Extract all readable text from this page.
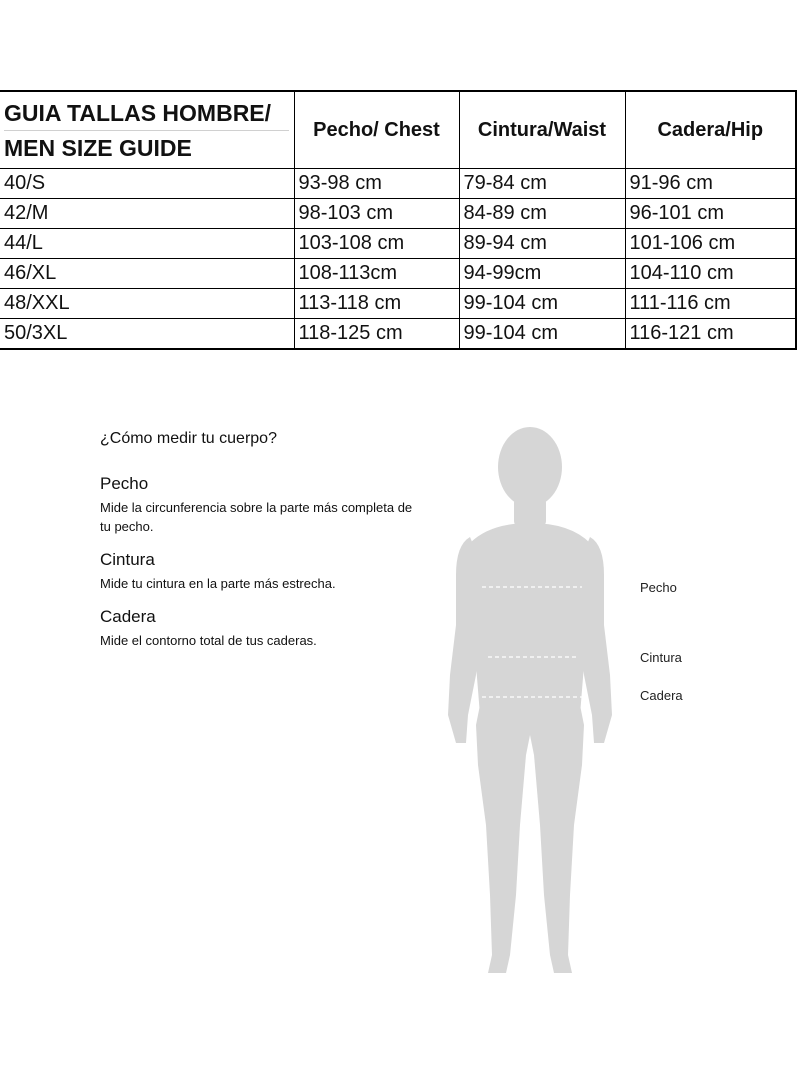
GUIA TALLAS HOMBRE/
MEN SIZE GUIDE	Pecho/ Chest	Cintura/Waist	Cadera/Hip
40/S	93-98 cm	79-84 cm	91-96 cm
42/M	98-103 cm	84-89 cm	96-101 cm
44/L	103-108 cm	89-94 cm	101-106 cm
46/XL	108-113cm	94-99cm	104-110 cm
48/XXL	113-118 cm	99-104 cm	111-116 cm
50/3XL	118-125 cm	99-104 cm	116-121 cm

¿Cómo medir tu cuerpo?

Pecho

Mide la circunferencia sobre la parte más completa de tu pecho.

Cintura

Mide tu cintura en la parte más estrecha.

Cadera

Mide el contorno total de tus caderas.

Pecho
Cintura
Cadera
